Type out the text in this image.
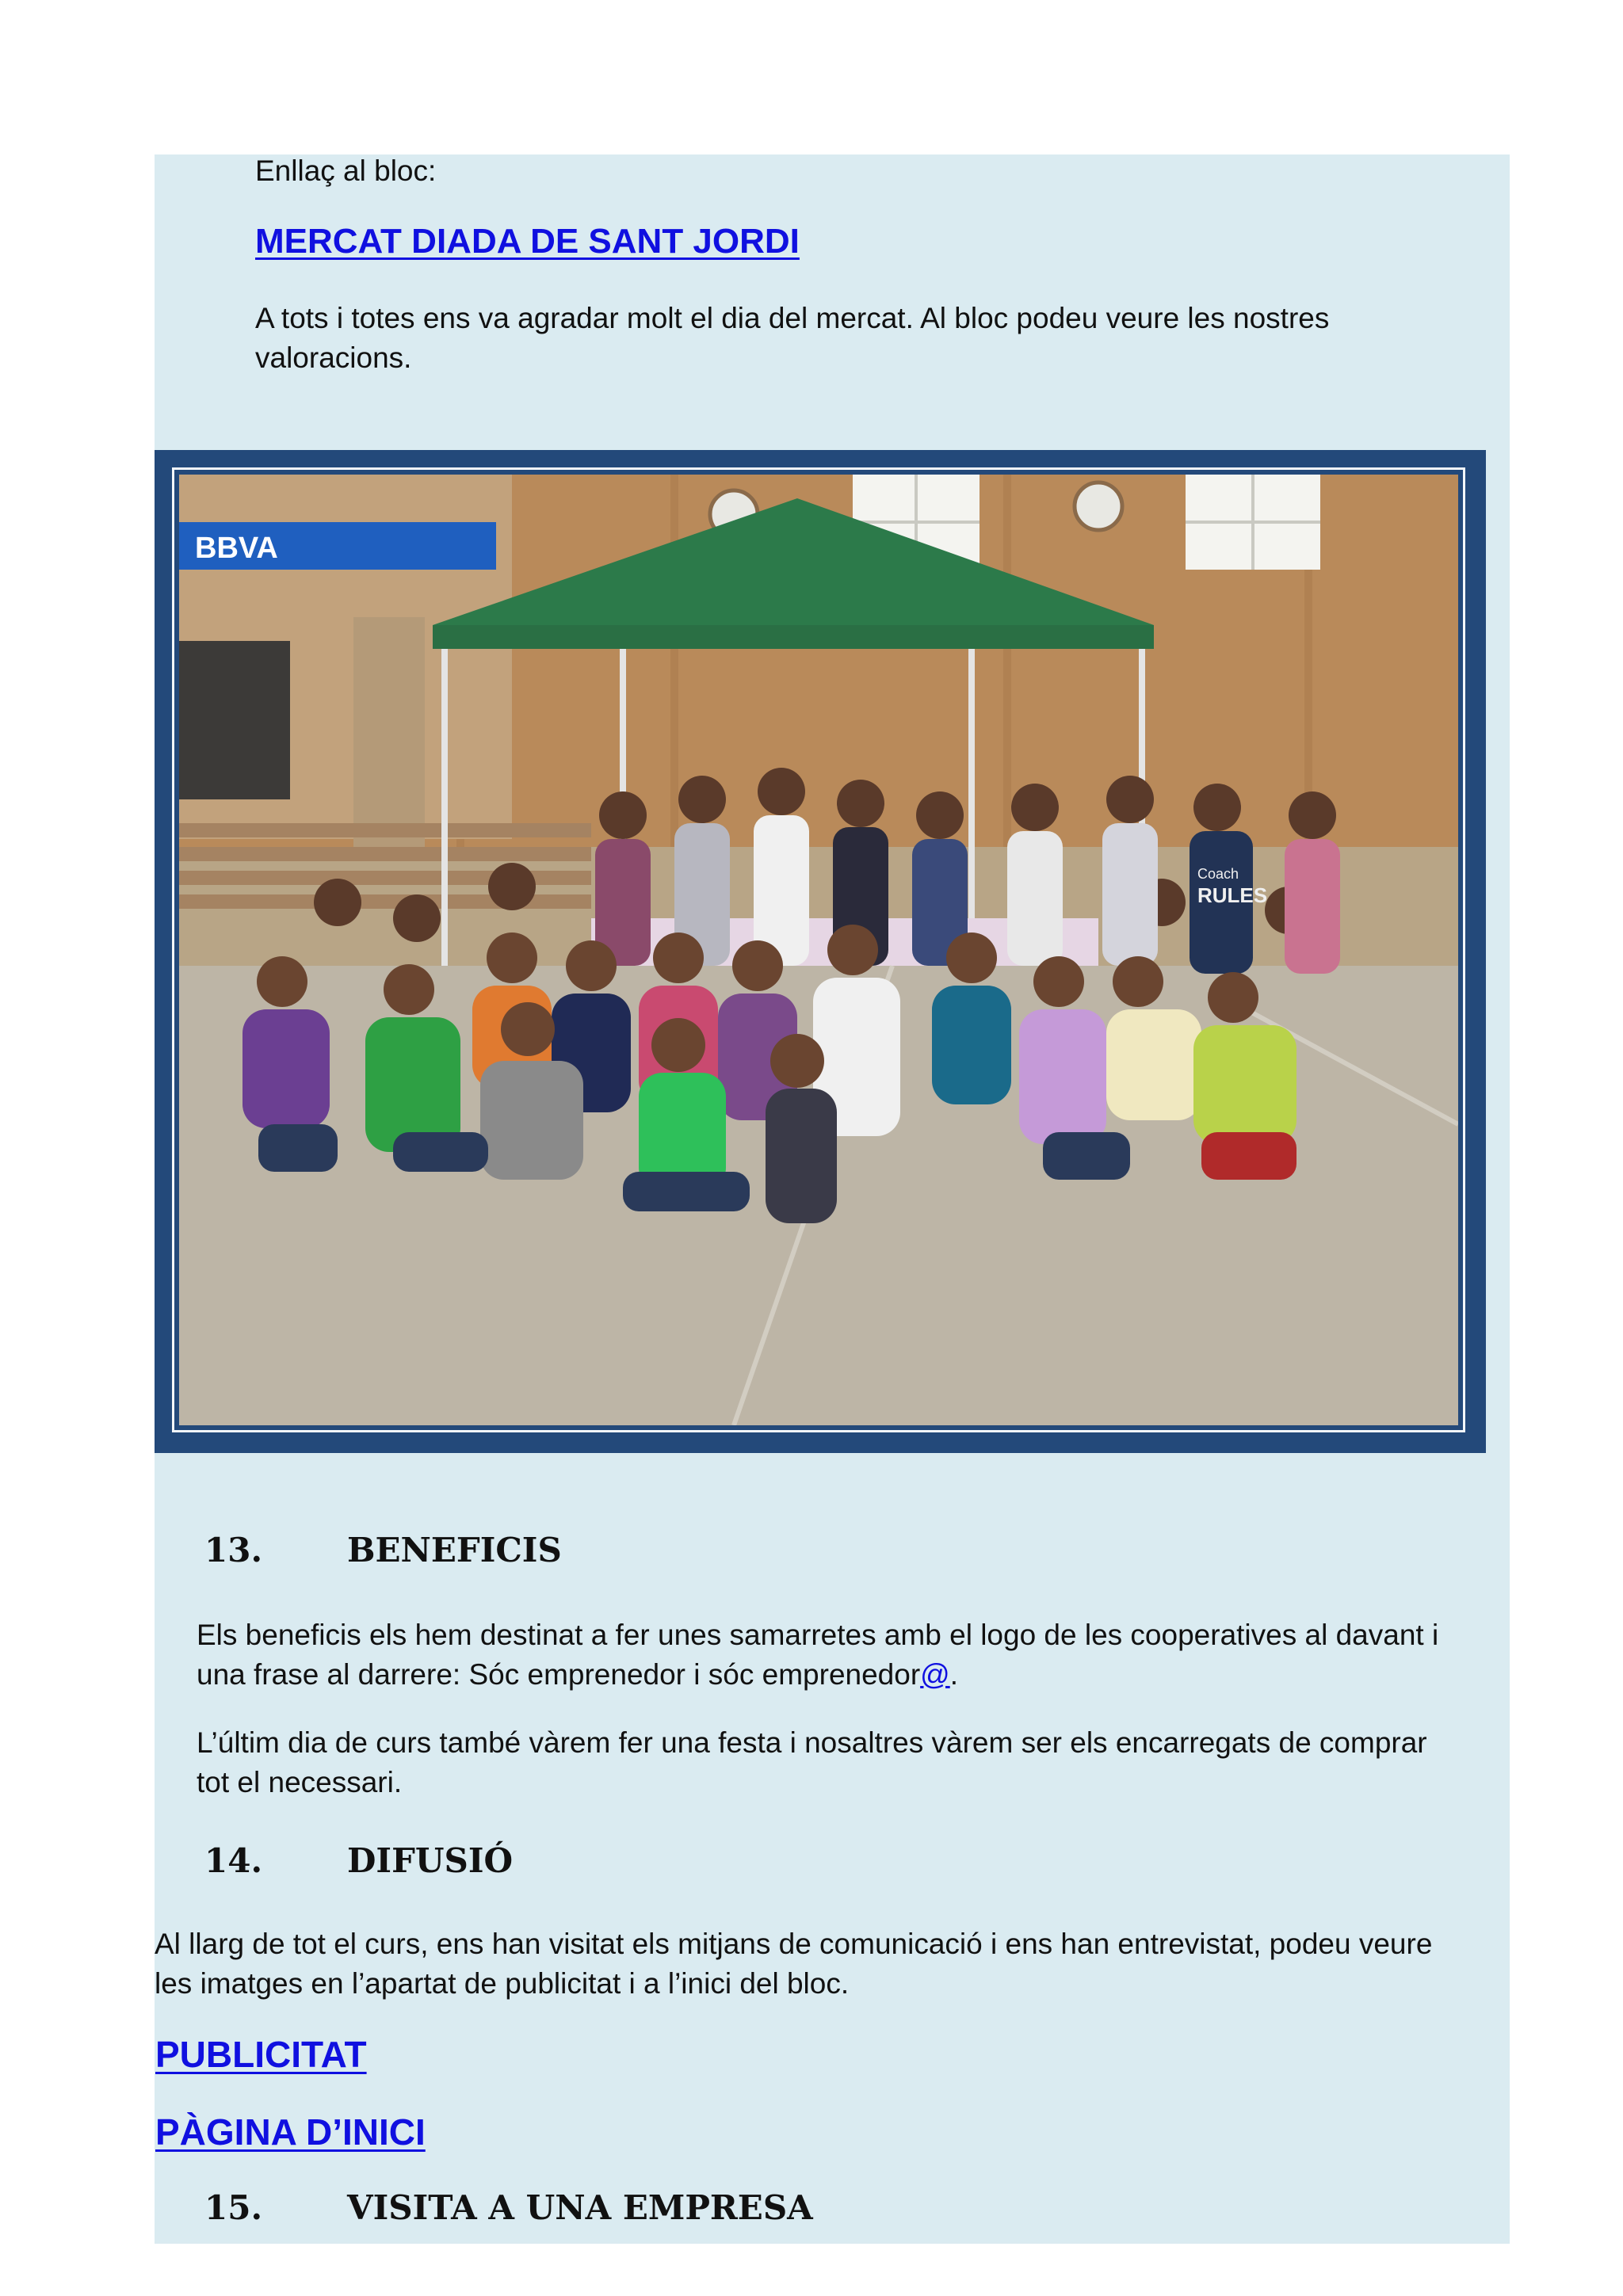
Enllaç al bloc:

MERCAT DIADA DE SANT JORDI

A tots i totes ens va agradar molt el dia del mercat. Al bloc podeu veure les nostres

valoracions.

BBVA
Coach
RULES
13.	BENEFICIS

Els beneficis els hem destinat a fer unes samarretes amb el logo de les cooperatives al davant i

una frase al darrere: Sóc emprenedor i sóc emprenedor@.

L’últim dia de curs també vàrem fer una festa i nosaltres vàrem ser els encarregats de comprar

tot el necessari.

14.	DIFUSIÓ

Al llarg de tot el curs, ens han visitat els mitjans de comunicació i ens han entrevistat, podeu veure

les imatges en l’apartat de publicitat i a l’inici del bloc.

PUBLICITAT
PÀGINA D’INICI
15.	VISITA A UNA EMPRESA
